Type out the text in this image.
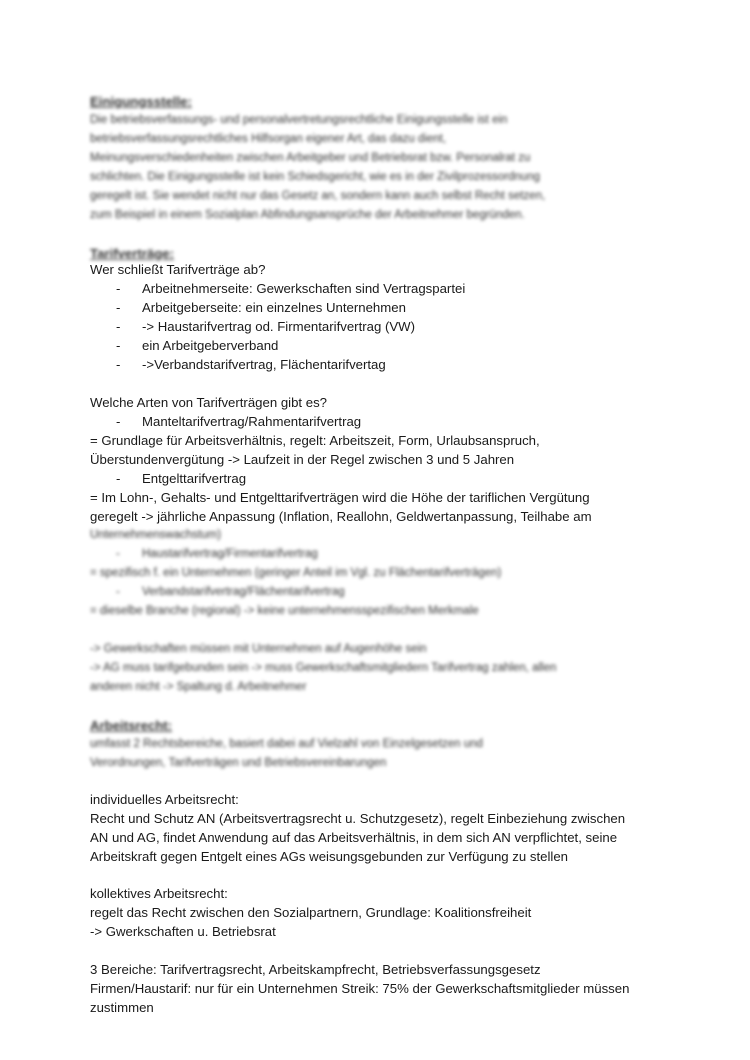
Einigungsstelle:
Die betriebsverfassungs- und personalvertretungsrechtliche Einigungsstelle ist ein
betriebsverfassungsrechtliches Hilfsorgan eigener Art, das dazu dient,
Meinungsverschiedenheiten zwischen Arbeitgeber und Betriebsrat bzw. Personalrat zu
schlichten. Die Einigungsstelle ist kein Schiedsgericht, wie es in der Zivilprozessordnung
geregelt ist. Sie wendet nicht nur das Gesetz an, sondern kann auch selbst Recht setzen,
zum Beispiel in einem Sozialplan Abfindungsansprüche der Arbeitnehmer begründen.
Tarifverträge:
Wer schließt Tarifverträge ab?
- Arbeitnehmerseite: Gewerkschaften sind Vertragspartei
- Arbeitgeberseite: ein einzelnes Unternehmen
- -> Haustarifvertrag od. Firmentarifvertrag (VW)
- ein Arbeitgeberverband
- ->Verbandstarifvertrag, Flächentarifvertag
Welche Arten von Tarifverträgen gibt es?
- Manteltarifvertrag/Rahmentarifvertrag
= Grundlage für Arbeitsverhältnis, regelt: Arbeitszeit, Form, Urlaubsanspruch,
Überstundenvergütung -> Laufzeit in der Regel zwischen 3 und 5 Jahren
- Entgelttarifvertrag
= Im Lohn-, Gehalts- und Entgelttarifverträgen wird die Höhe der tariflichen Vergütung
geregelt -> jährliche Anpassung (Inflation, Reallohn, Geldwertanpassung, Teilhabe am
Unternehmenswachstum)
- Haustarifvertrag/Firmentarifvertrag
= spezifisch f. ein Unternehmen (geringer Anteil im Vgl. zu Flächentarifverträgen)
- Verbandstarifvertrag/Flächentarifvertrag
= dieselbe Branche (regional) -> keine unternehmensspezifischen Merkmale
-> Gewerkschaften müssen mit Unternehmen auf Augenhöhe sein
-> AG muss tarifgebunden sein -> muss Gewerkschaftsmitgliedern Tarifvertrag zahlen, allen
anderen nicht -> Spaltung d. Arbeitnehmer
Arbeitsrecht:
umfasst 2 Rechtsbereiche, basiert dabei auf Vielzahl von Einzelgesetzen und
Verordnungen, Tarifverträgen und Betriebsvereinbarungen
individuelles Arbeitsrecht:
Recht und Schutz AN (Arbeitsvertragsrecht u. Schutzgesetz), regelt Einbeziehung zwischen
AN und AG, findet Anwendung auf das Arbeitsverhältnis, in dem sich AN verpflichtet, seine
Arbeitskraft gegen Entgelt eines AGs weisungsgebunden zur Verfügung zu stellen
kollektives Arbeitsrecht:
regelt das Recht zwischen den Sozialpartnern, Grundlage: Koalitionsfreiheit
-> Gwerkschaften u. Betriebsrat
3 Bereiche: Tarifvertragsrecht, Arbeitskampfrecht, Betriebsverfassungsgesetz
Firmen/Haustarif: nur für ein Unternehmen Streik: 75% der Gewerkschaftsmitglieder müssen
zustimmen
